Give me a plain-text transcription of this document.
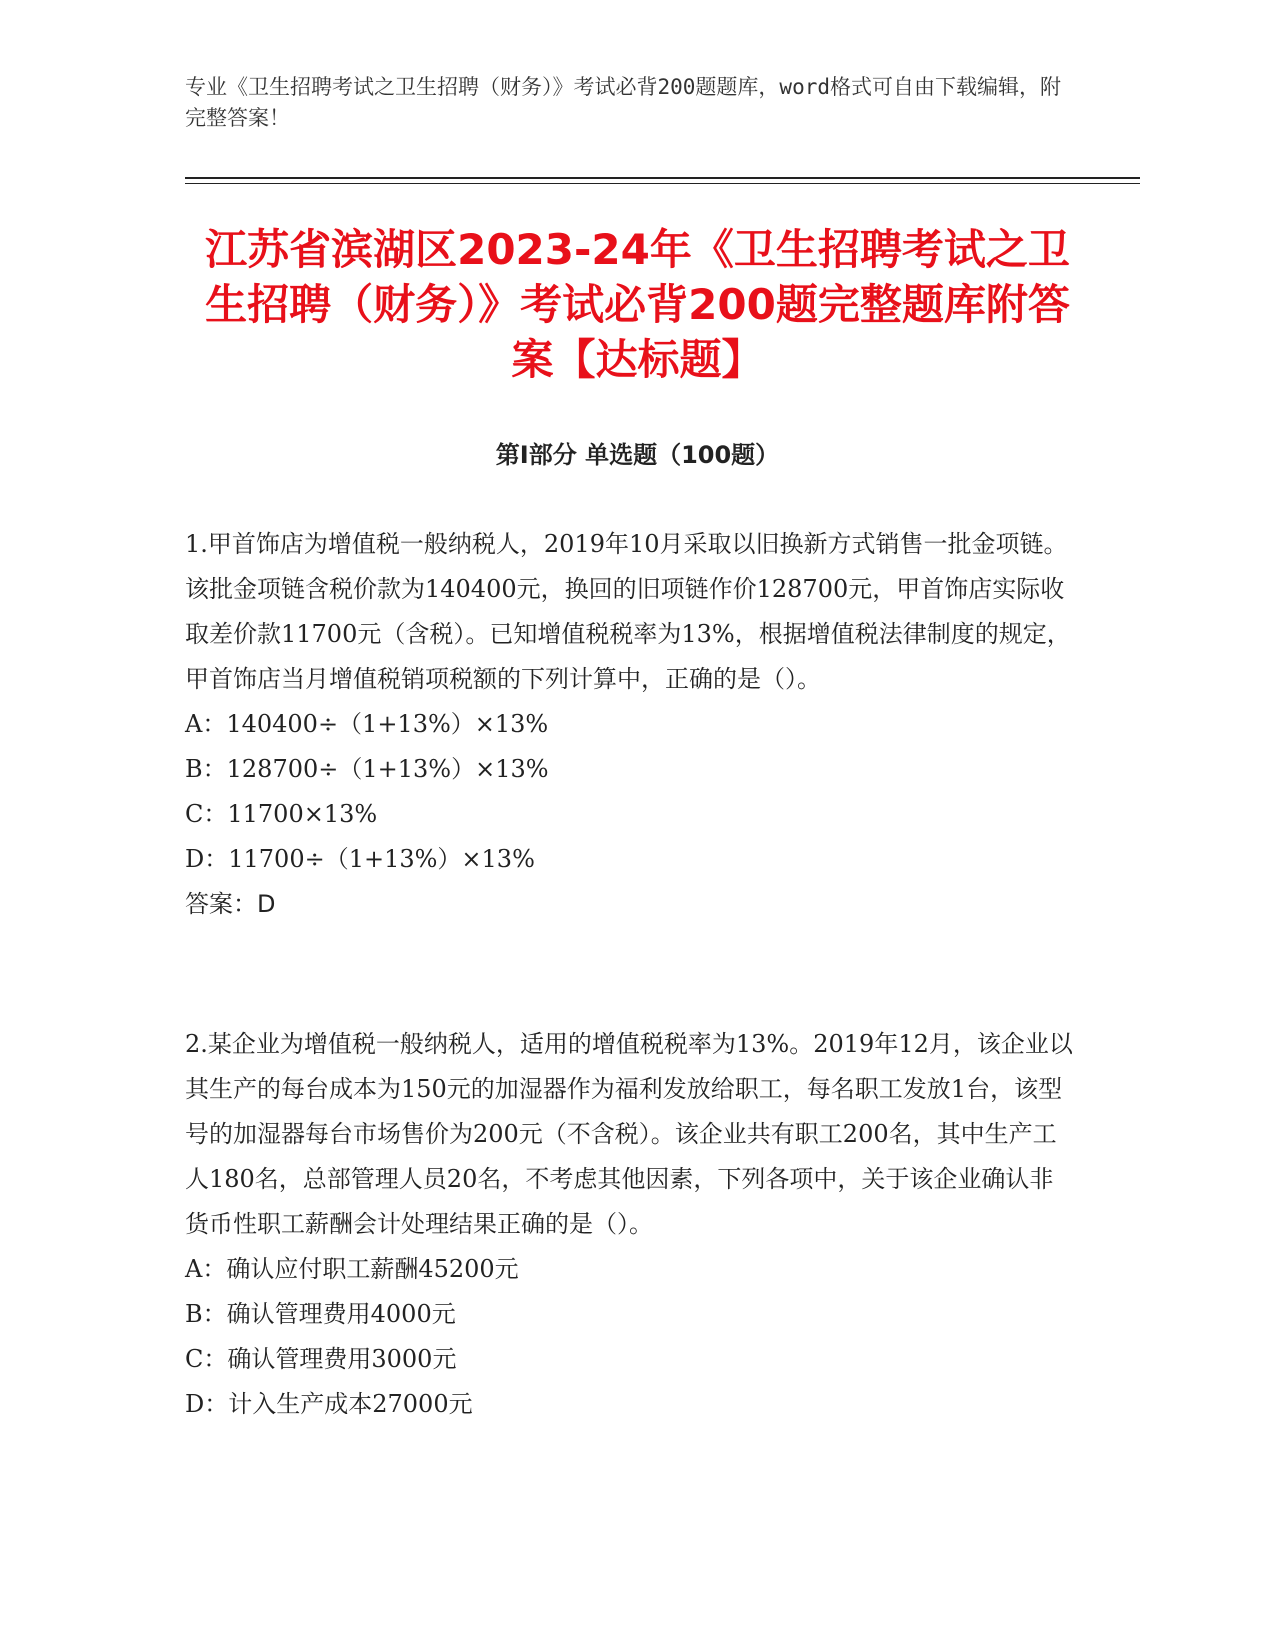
专业《卫生招聘考试之卫生招聘（财务）》考试必背200题题库，word格式可自由下载编辑，附完整答案！
江苏省滨湖区2023-24年《卫生招聘考试之卫生招聘（财务）》考试必背200题完整题库附答案【达标题】
第I部分 单选题（100题）

1.甲首饰店为增值税一般纳税人，2019年10月采取以旧换新方式销售一批金项链。该批金项链含税价款为140400元，换回的旧项链作价128700元，甲首饰店实际收取差价款11700元（含税）。已知增值税税率为13%，根据增值税法律制度的规定，甲首饰店当月增值税销项税额的下列计算中，正确的是（）。

A：140400÷（1+13%）×13%

B：128700÷（1+13%）×13%

C：11700×13%

D：11700÷（1+13%）×13%

答案：D

2.某企业为增值税一般纳税人，适用的增值税税率为13%。2019年12月，该企业以其生产的每台成本为150元的加湿器作为福利发放给职工，每名职工发放1台，该型号的加湿器每台市场售价为200元（不含税）。该企业共有职工200名，其中生产工人180名，总部管理人员20名，不考虑其他因素，下列各项中，关于该企业确认非货币性职工薪酬会计处理结果正确的是（）。

A：确认应付职工薪酬45200元

B：确认管理费用4000元

C：确认管理费用3000元

D：计入生产成本27000元
